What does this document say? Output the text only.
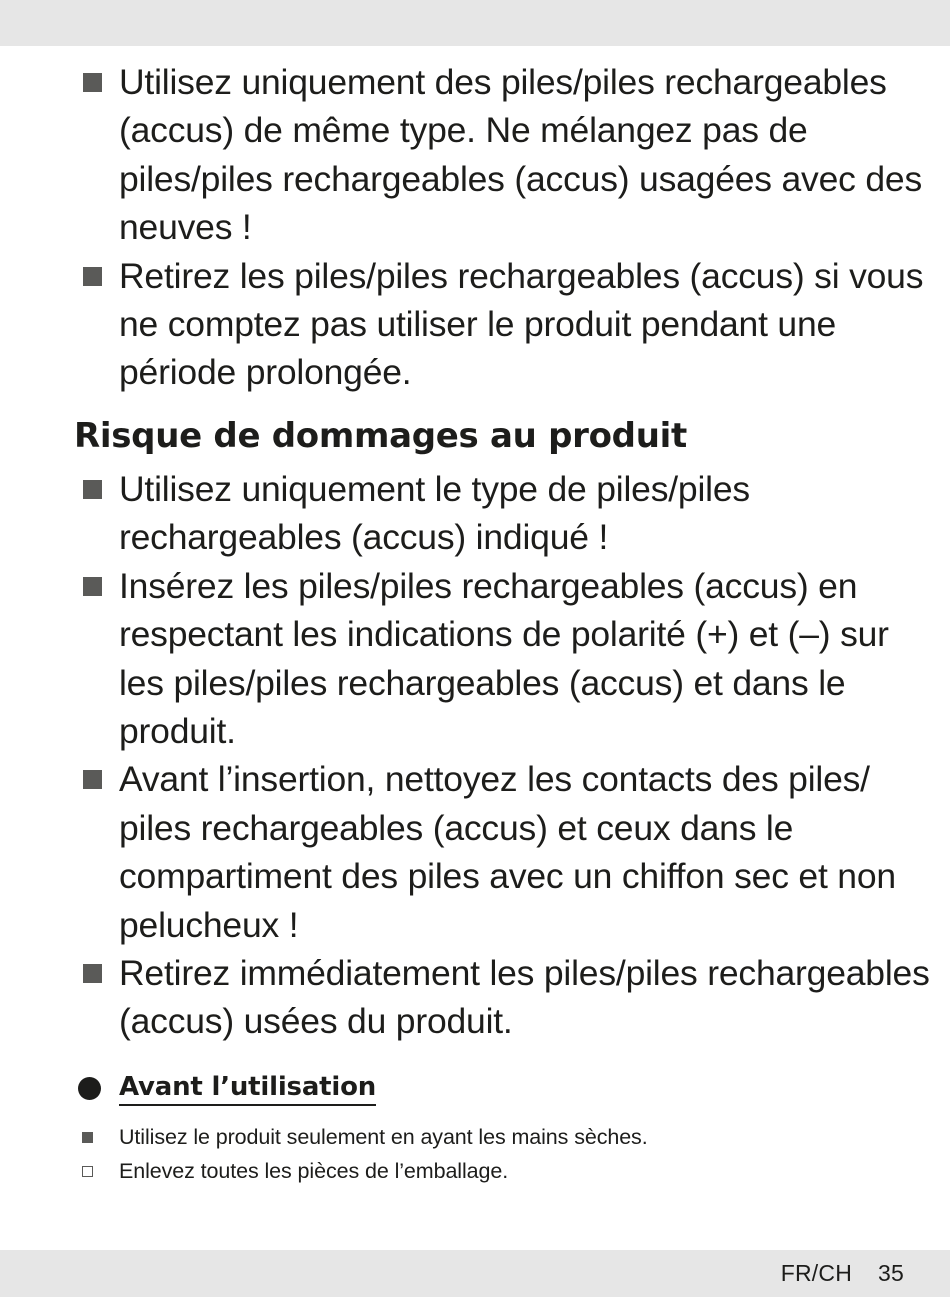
Utilisez uniquement des piles/piles rechargeables (accus) de même type. Ne mélangez pas de piles/piles rechargeables (accus) usagées avec des neuves !
Retirez les piles/piles rechargeables (accus) si vous ne comptez pas utiliser le produit pendant une période prolongée.
Risque de dommages au produit
Utilisez uniquement le type de piles/piles rechargeables (accus) indiqué !
Insérez les piles/piles rechargeables (accus) en respectant les indications de polarité (+) et (–) sur les piles/piles rechargeables (accus) et dans le produit.
Avant l’insertion, nettoyez les contacts des piles/ piles rechargeables (accus) et ceux dans le compartiment des piles avec un chiffon sec et non pelucheux !
Retirez immédiatement les piles/piles rechargeables (accus) usées du produit.
Avant l’utilisation
Utilisez le produit seulement en ayant les mains sèches.
Enlevez toutes les pièces de l’emballage.
FR/CH 35
